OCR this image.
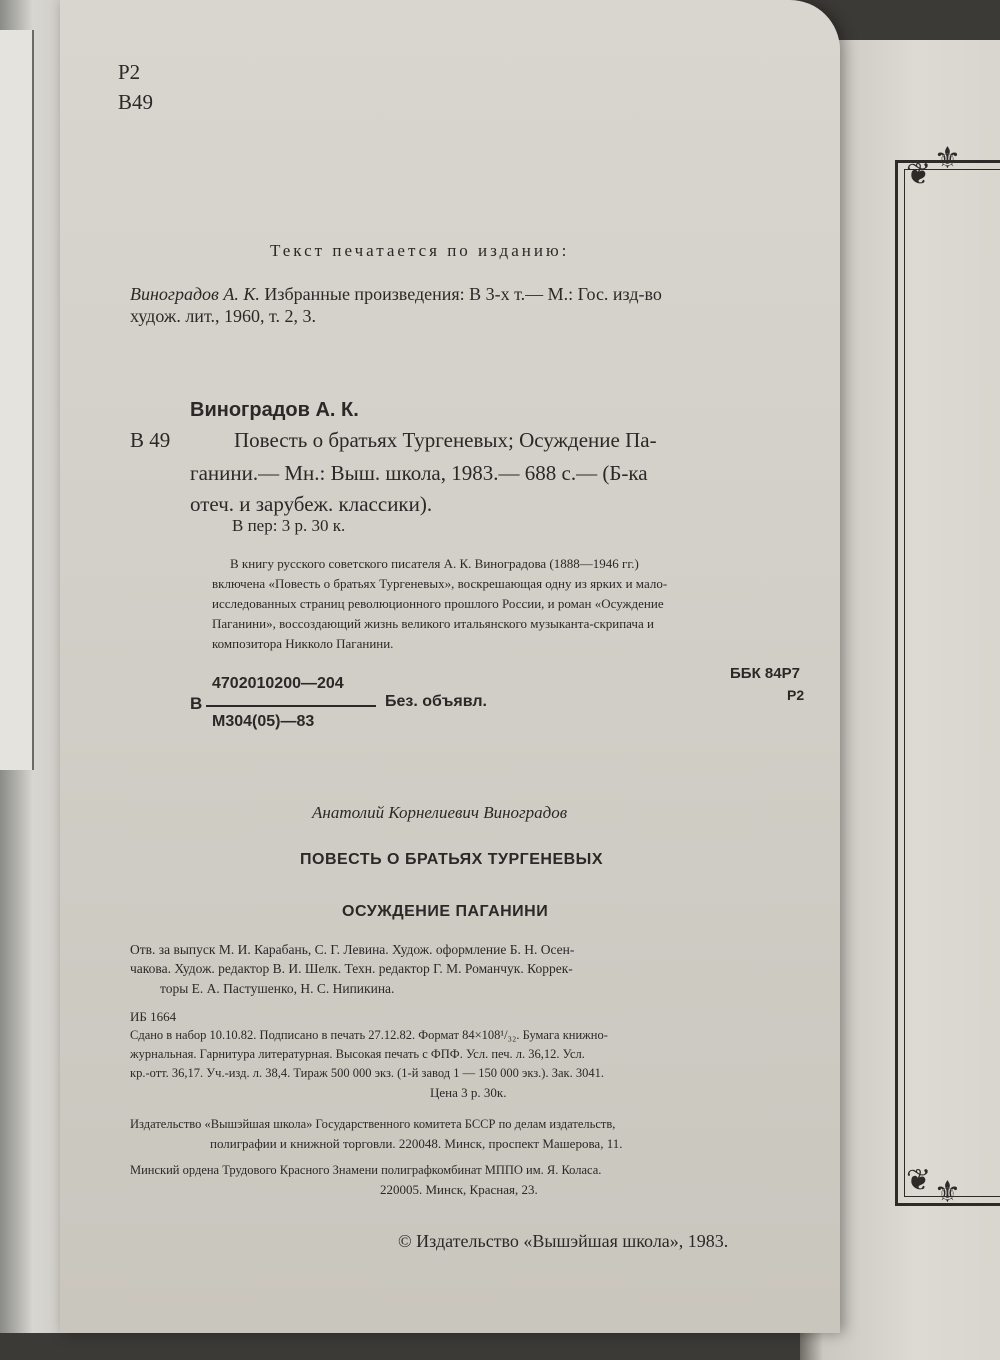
❦ ⚜
❦ ⚜
Р2
В49
Текст печатается по изданию:
Виноградов А. К. Избранные произведения: В 3-х т.— М.: Гос. изд-во
худож. лит., 1960, т. 2, 3.
Виноградов А. К.
В 49	Повесть о братьях Тургеневых; Осуждение Па-
ганини.— Мн.: Выш. школа, 1983.— 688 с.— (Б-ка
отеч. и зарубеж. классики).
В пер: 3 р. 30 к.
В книгу русского советского писателя А. К. Виноградова (1888—1946 гг.)
включена «Повесть о братьях Тургеневых», воскрешающая одну из ярких и мало-
исследованных страниц революционного прошлого России, и роман «Осуждение
Паганини», воссоздающий жизнь великого итальянского музыканта-скрипача и
композитора Никколо Паганини.
В
4702010200—204
М304(05)—83
Без. объявл.
ББК 84Р7
Р2
Анатолий Корнелиевич Виноградов
ПОВЕСТЬ О БРАТЬЯХ ТУРГЕНЕВЫХ
ОСУЖДЕНИЕ ПАГАНИНИ
Отв. за выпуск М. И. Карабань, С. Г. Левина. Худож. оформление Б. Н. Осен-
чакова. Худож. редактор В. И. Шелк. Техн. редактор Г. М. Романчук. Коррек-
торы Е. А. Пастушенко, Н. С. Нипикина.
ИБ 1664
Сдано в набор 10.10.82. Подписано в печать 27.12.82. Формат 84×108¹/₃₂. Бумага книжно-
журнальная. Гарнитура литературная. Высокая печать с ФПФ. Усл. печ. л. 36,12. Усл.
кр.-отт. 36,17. Уч.-изд. л. 38,4. Тираж 500 000 экз. (1-й завод 1 — 150 000 экз.). Зак. 3041.
Цена 3 р. 30к.
Издательство «Вышэйшая школа» Государственного комитета БССР по делам издательств,
полиграфии и книжной торговли. 220048. Минск, проспект Машерова, 11.
Минский ордена Трудового Красного Знамени полиграфкомбинат МППО им. Я. Коласа.
220005. Минск, Красная, 23.
© Издательство «Вышэйшая школа», 1983.
